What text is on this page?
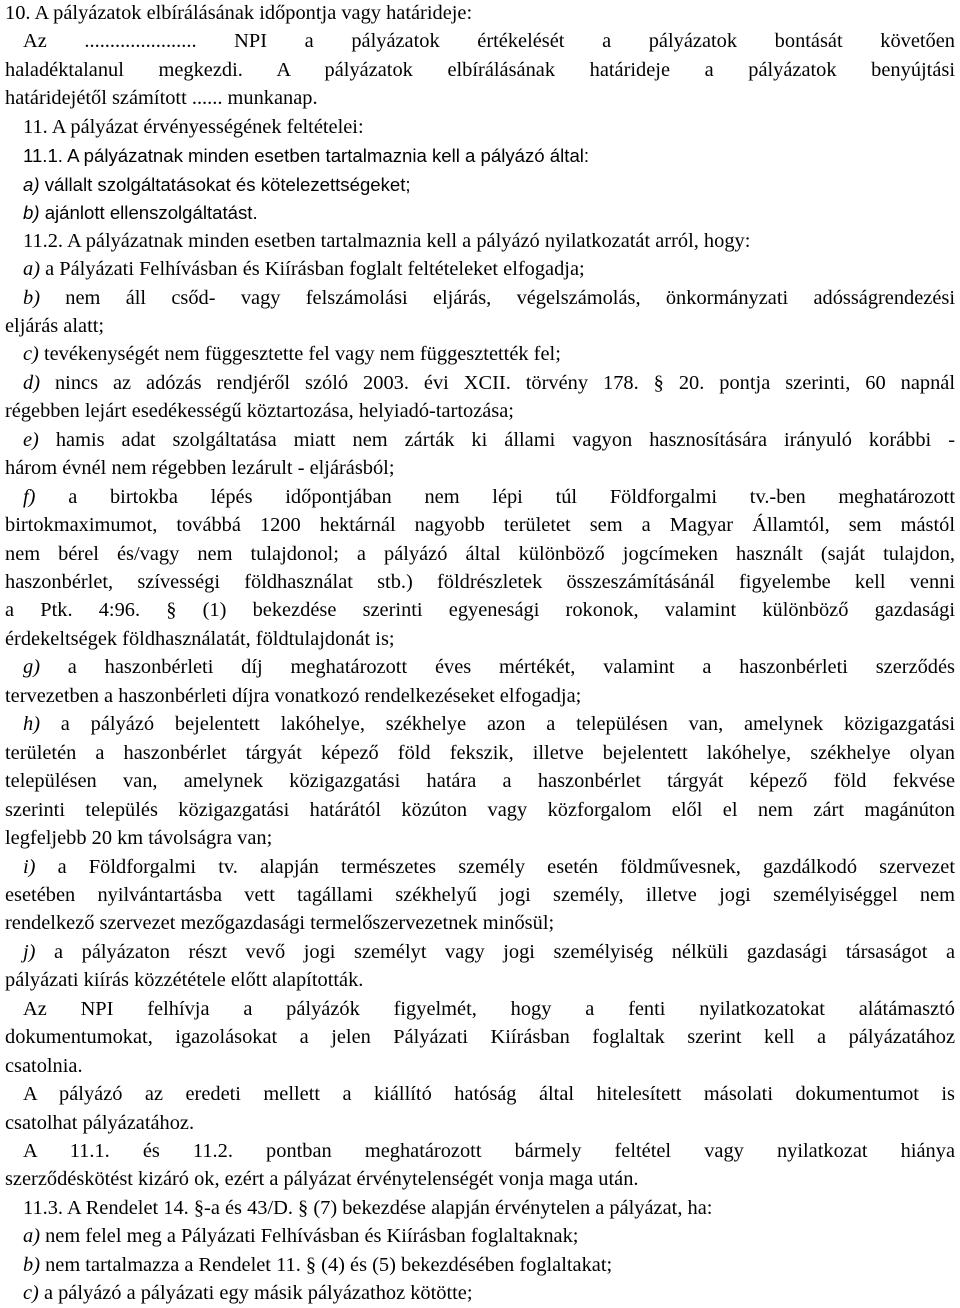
10. A pályázatok elbírálásának időpontja vagy határideje:
Az ...................... NPI a pályázatok értékelését a pályázatok bontását követően
haladéktalanul megkezdi. A pályázatok elbírálásának határideje a pályázatok benyújtási
határidejétől számított ...... munkanap.
11. A pályázat érvényességének feltételei:
11.1. A pályázatnak minden esetben tartalmaznia kell a pályázó által:
a) vállalt szolgáltatásokat és kötelezettségeket;
b) ajánlott ellenszolgáltatást.
11.2. A pályázatnak minden esetben tartalmaznia kell a pályázó nyilatkozatát arról, hogy:
a) a Pályázati Felhívásban és Kiírásban foglalt feltételeket elfogadja;
b) nem áll csőd- vagy felszámolási eljárás, végelszámolás, önkormányzati adósságrendezési
eljárás alatt;
c) tevékenységét nem függesztette fel vagy nem függesztették fel;
d) nincs az adózás rendjéről szóló 2003. évi XCII. törvény 178. § 20. pontja szerinti, 60 napnál
régebben lejárt esedékességű köztartozása, helyiadó-tartozása;
e) hamis adat szolgáltatása miatt nem zárták ki állami vagyon hasznosítására irányuló korábbi -
három évnél nem régebben lezárult - eljárásból;
f) a birtokba lépés időpontjában nem lépi túl Földforgalmi tv.-ben meghatározott
birtokmaximumot, továbbá 1200 hektárnál nagyobb területet sem a Magyar Államtól, sem mástól
nem bérel és/vagy nem tulajdonol; a pályázó által különböző jogcímeken használt (saját tulajdon,
haszonbérlet, szívességi földhasználat stb.) földrészletek összeszámításánál figyelembe kell venni
a Ptk. 4:96. § (1) bekezdése szerinti egyenesági rokonok, valamint különböző gazdasági
érdekeltségek földhasználatát, földtulajdonát is;
g) a haszonbérleti díj meghatározott éves mértékét, valamint a haszonbérleti szerződés
tervezetben a haszonbérleti díjra vonatkozó rendelkezéseket elfogadja;
h) a pályázó bejelentett lakóhelye, székhelye azon a településen van, amelynek közigazgatási
területén a haszonbérlet tárgyát képező föld fekszik, illetve bejelentett lakóhelye, székhelye olyan
településen van, amelynek közigazgatási határa a haszonbérlet tárgyát képező föld fekvése
szerinti település közigazgatási határától közúton vagy közforgalom elől el nem zárt magánúton
legfeljebb 20 km távolságra van;
i) a Földforgalmi tv. alapján természetes személy esetén földművesnek, gazdálkodó szervezet
esetében nyilvántartásba vett tagállami székhelyű jogi személy, illetve jogi személyiséggel nem
rendelkező szervezet mezőgazdasági termelőszervezetnek minősül;
j) a pályázaton részt vevő jogi személyt vagy jogi személyiség nélküli gazdasági társaságot a
pályázati kiírás közzététele előtt alapították.
Az NPI felhívja a pályázók figyelmét, hogy a fenti nyilatkozatokat alátámasztó
dokumentumokat, igazolásokat a jelen Pályázati Kiírásban foglaltak szerint kell a pályázatához
csatolnia.
A pályázó az eredeti mellett a kiállító hatóság által hitelesített másolati dokumentumot is
csatolhat pályázatához.
A 11.1. és 11.2. pontban meghatározott bármely feltétel vagy nyilatkozat hiánya
szerződéskötést kizáró ok, ezért a pályázat érvénytelenségét vonja maga után.
11.3. A Rendelet 14. §-a és 43/D. § (7) bekezdése alapján érvénytelen a pályázat, ha:
a) nem felel meg a Pályázati Felhívásban és Kiírásban foglaltaknak;
b) nem tartalmazza a Rendelet 11. § (4) és (5) bekezdésében foglaltakat;
c) a pályázó a pályázati egy másik pályázathoz kötötte;
